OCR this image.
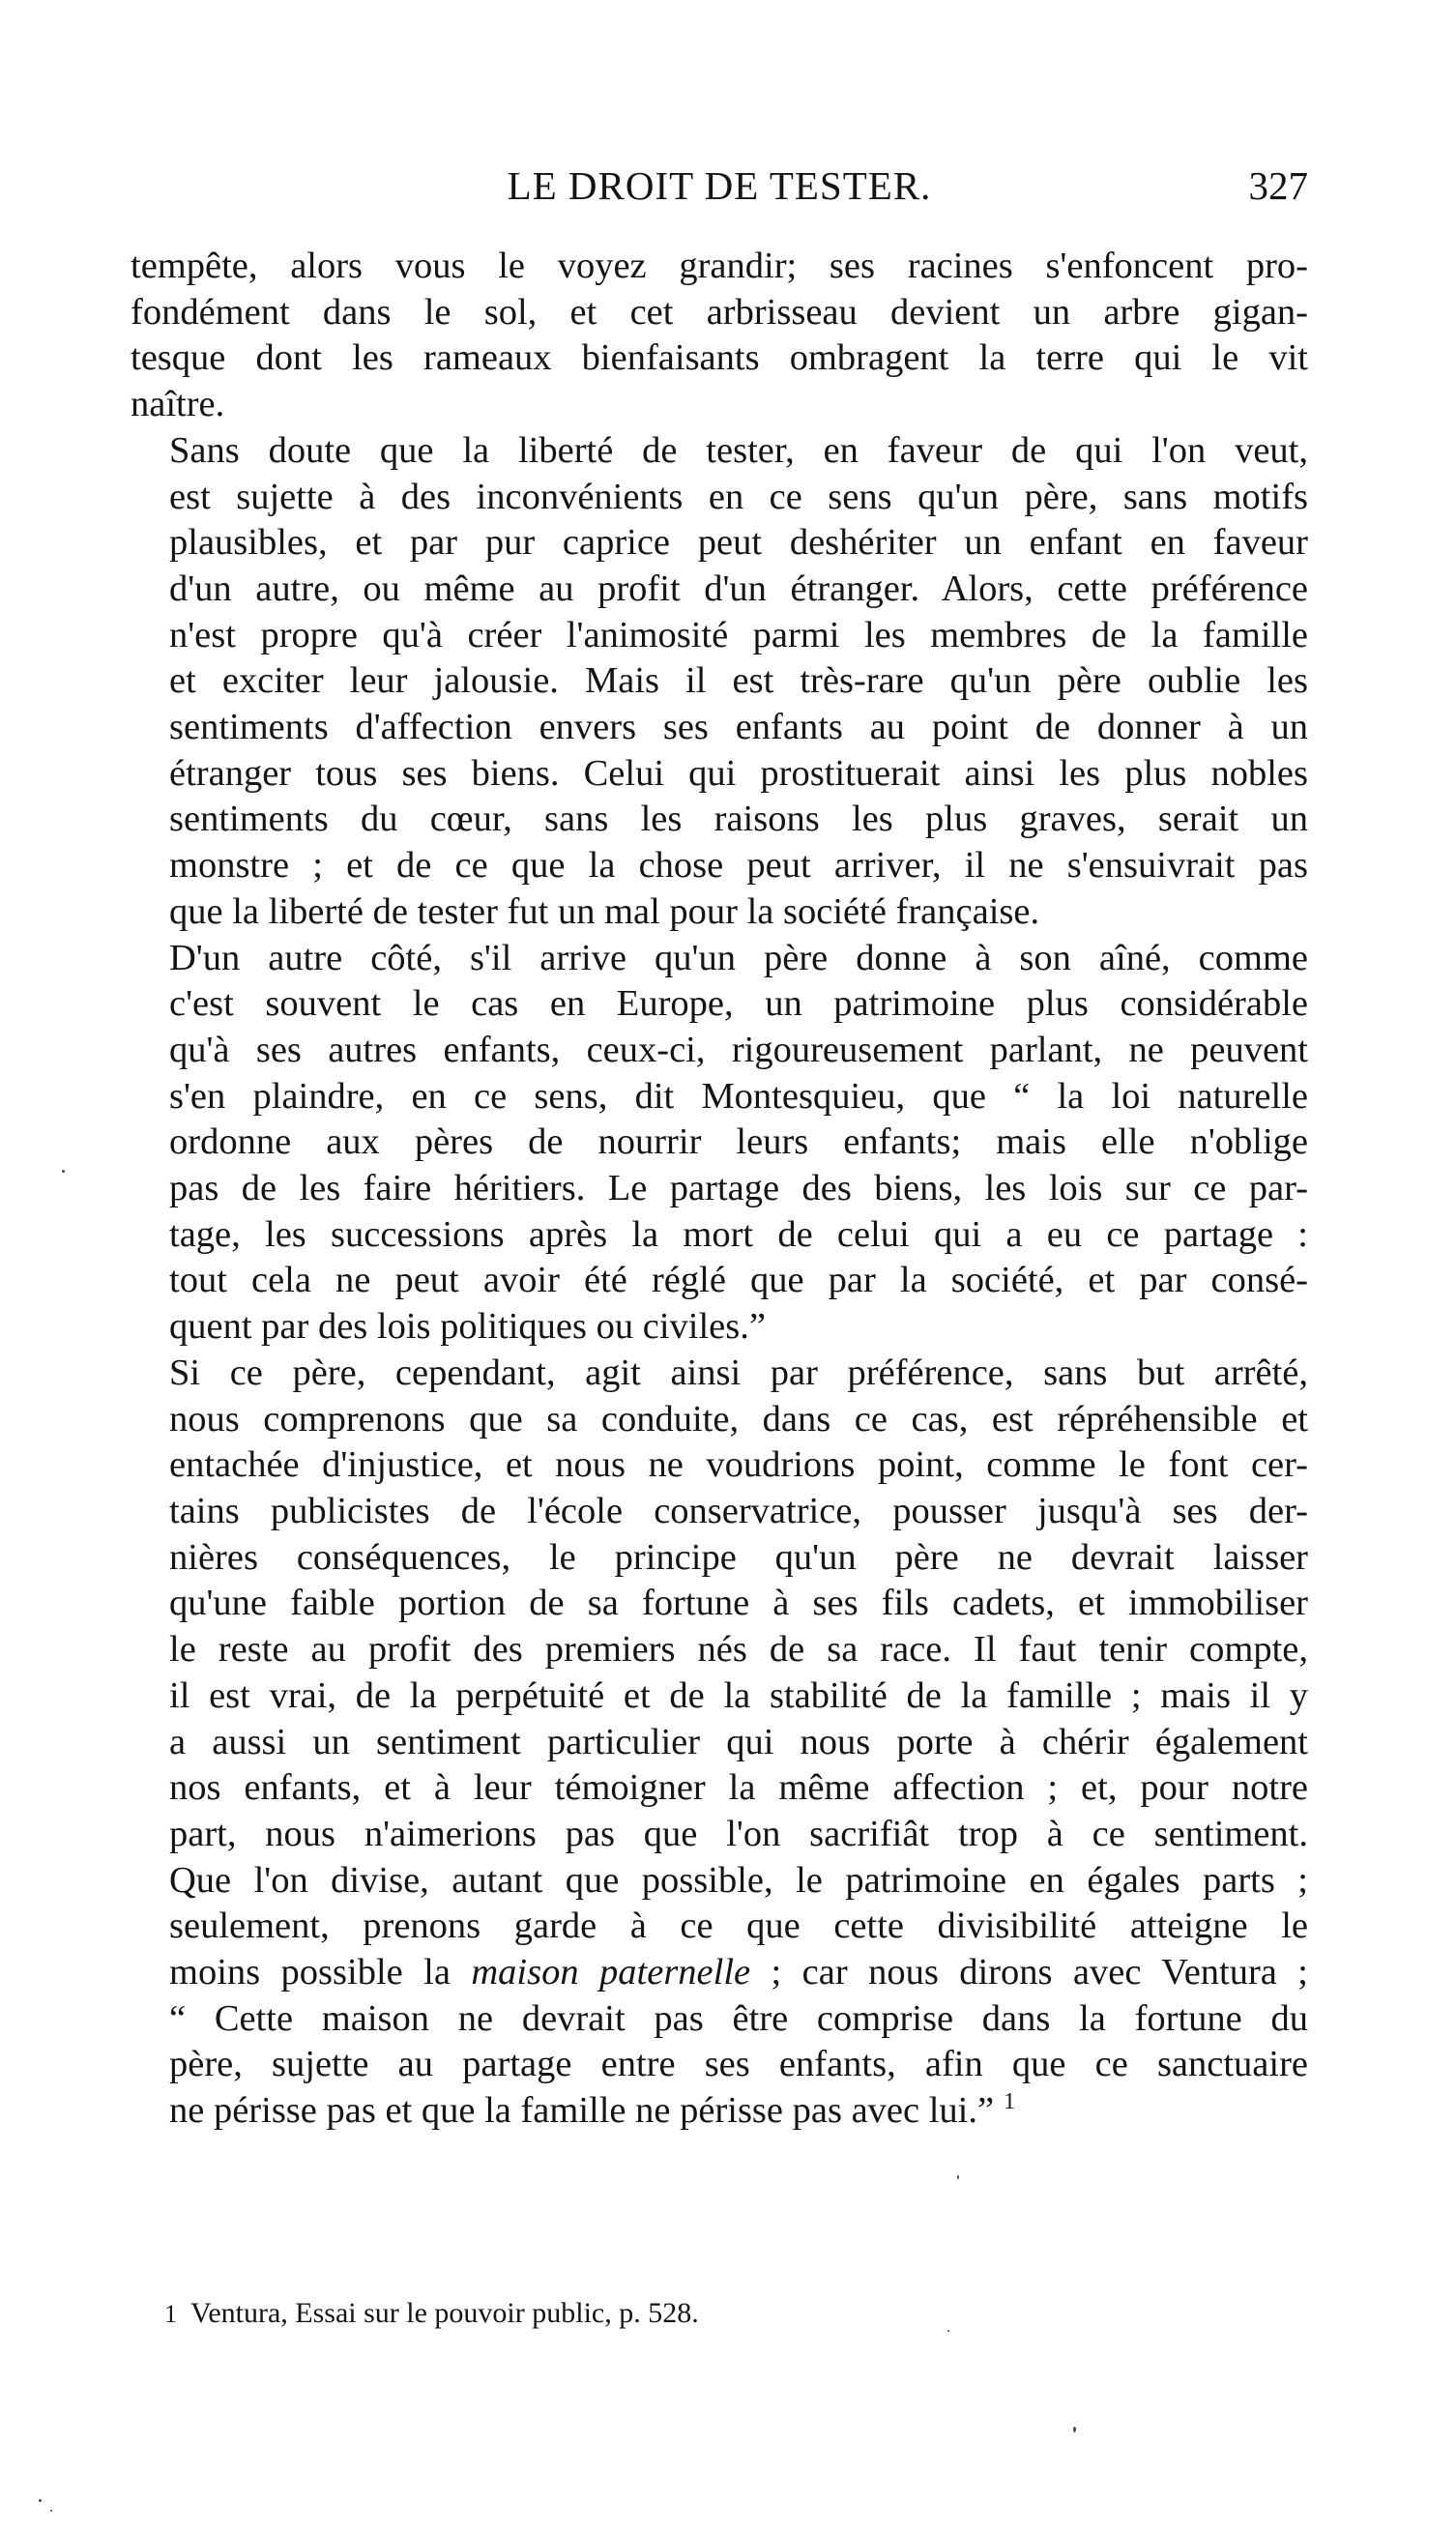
LE DROIT DE TESTER.	327
tempête, alors vous le voyez grandir; ses racines s'enfoncent pro-
fondément dans le sol, et cet arbrisseau devient un arbre gigan-
tesque dont les rameaux bienfaisants ombragent la terre qui le vit
naître.
Sans doute que la liberté de tester, en faveur de qui l'on veut,
est sujette à des inconvénients en ce sens qu'un père, sans motifs
plausibles, et par pur caprice peut deshériter un enfant en faveur
d'un autre, ou même au profit d'un étranger. Alors, cette préférence
n'est propre qu'à créer l'animosité parmi les membres de la famille
et exciter leur jalousie. Mais il est très-rare qu'un père oublie les
sentiments d'affection envers ses enfants au point de donner à un
étranger tous ses biens. Celui qui prostituerait ainsi les plus nobles
sentiments du cœur, sans les raisons les plus graves, serait un
monstre ; et de ce que la chose peut arriver, il ne s'ensuivrait pas
que la liberté de tester fut un mal pour la société française.
D'un autre côté, s'il arrive qu'un père donne à son aîné, comme
c'est souvent le cas en Europe, un patrimoine plus considérable
qu'à ses autres enfants, ceux-ci, rigoureusement parlant, ne peuvent
s'en plaindre, en ce sens, dit Montesquieu, que “ la loi naturelle
ordonne aux pères de nourrir leurs enfants; mais elle n'oblige
pas de les faire héritiers. Le partage des biens, les lois sur ce par-
tage, les successions après la mort de celui qui a eu ce partage :
tout cela ne peut avoir été réglé que par la société, et par consé-
quent par des lois politiques ou civiles.”
Si ce père, cependant, agit ainsi par préférence, sans but arrêté,
nous comprenons que sa conduite, dans ce cas, est répréhensible et
entachée d'injustice, et nous ne voudrions point, comme le font cer-
tains publicistes de l'école conservatrice, pousser jusqu'à ses der-
nières conséquences, le principe qu'un père ne devrait laisser
qu'une faible portion de sa fortune à ses fils cadets, et immobiliser
le reste au profit des premiers nés de sa race. Il faut tenir compte,
il est vrai, de la perpétuité et de la stabilité de la famille ; mais il y
a aussi un sentiment particulier qui nous porte à chérir également
nos enfants, et à leur témoigner la même affection ; et, pour notre
part, nous n'aimerions pas que l'on sacrifiât trop à ce sentiment.
Que l'on divise, autant que possible, le patrimoine en égales parts ;
seulement, prenons garde à ce que cette divisibilité atteigne le
moins possible la maison paternelle ; car nous dirons avec Ventura ;
“ Cette maison ne devrait pas être comprise dans la fortune du
père, sujette au partage entre ses enfants, afin que ce sanctuaire
ne périsse pas et que la famille ne périsse pas avec lui.” $^1$
1 Ventura, Essai sur le pouvoir public, p. 528.
